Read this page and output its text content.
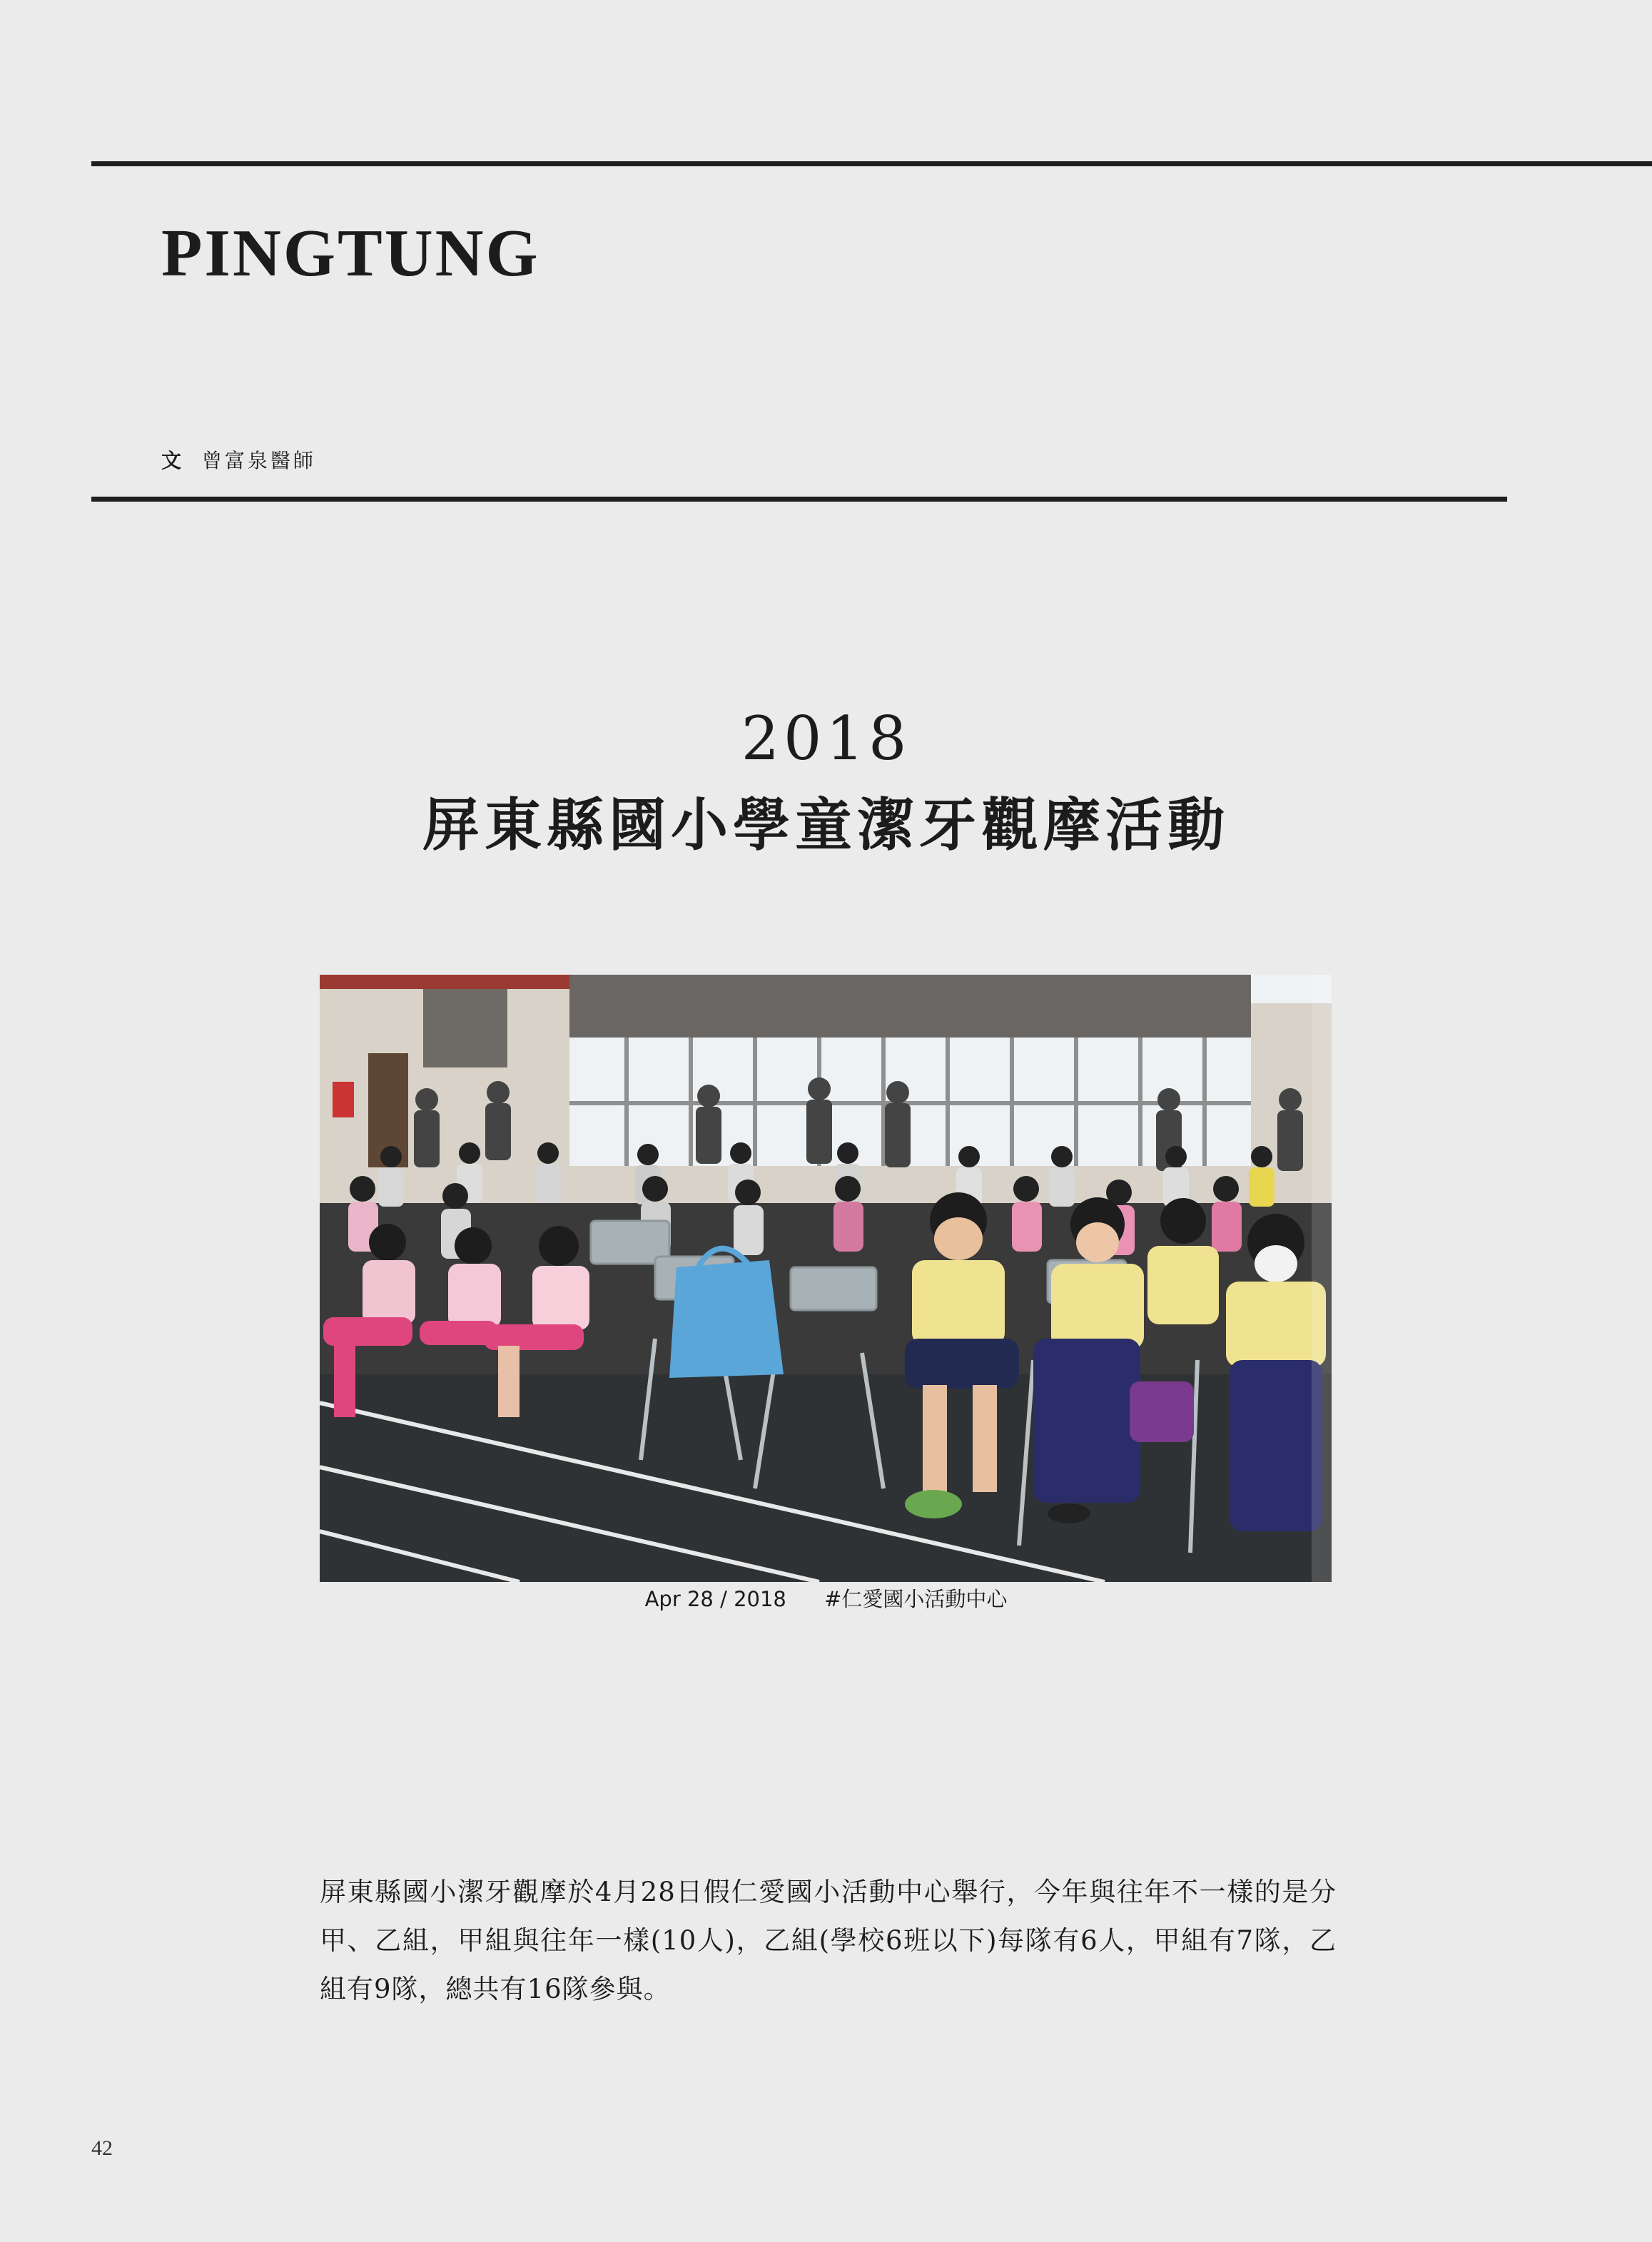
PINGTUNG
文 曾富泉醫師
2018
屏東縣國小學童潔牙觀摩活動
Apr 28 / 2018 #仁愛國小活動中心

屏東縣國小潔牙觀摩於4月28日假仁愛國小活動中心舉行，今年與往年不一樣的是分甲、乙組，甲組與往年一樣(10人)，乙組(學校6班以下)每隊有6人，甲組有7隊，乙組有9隊，總共有16隊參與。

42
